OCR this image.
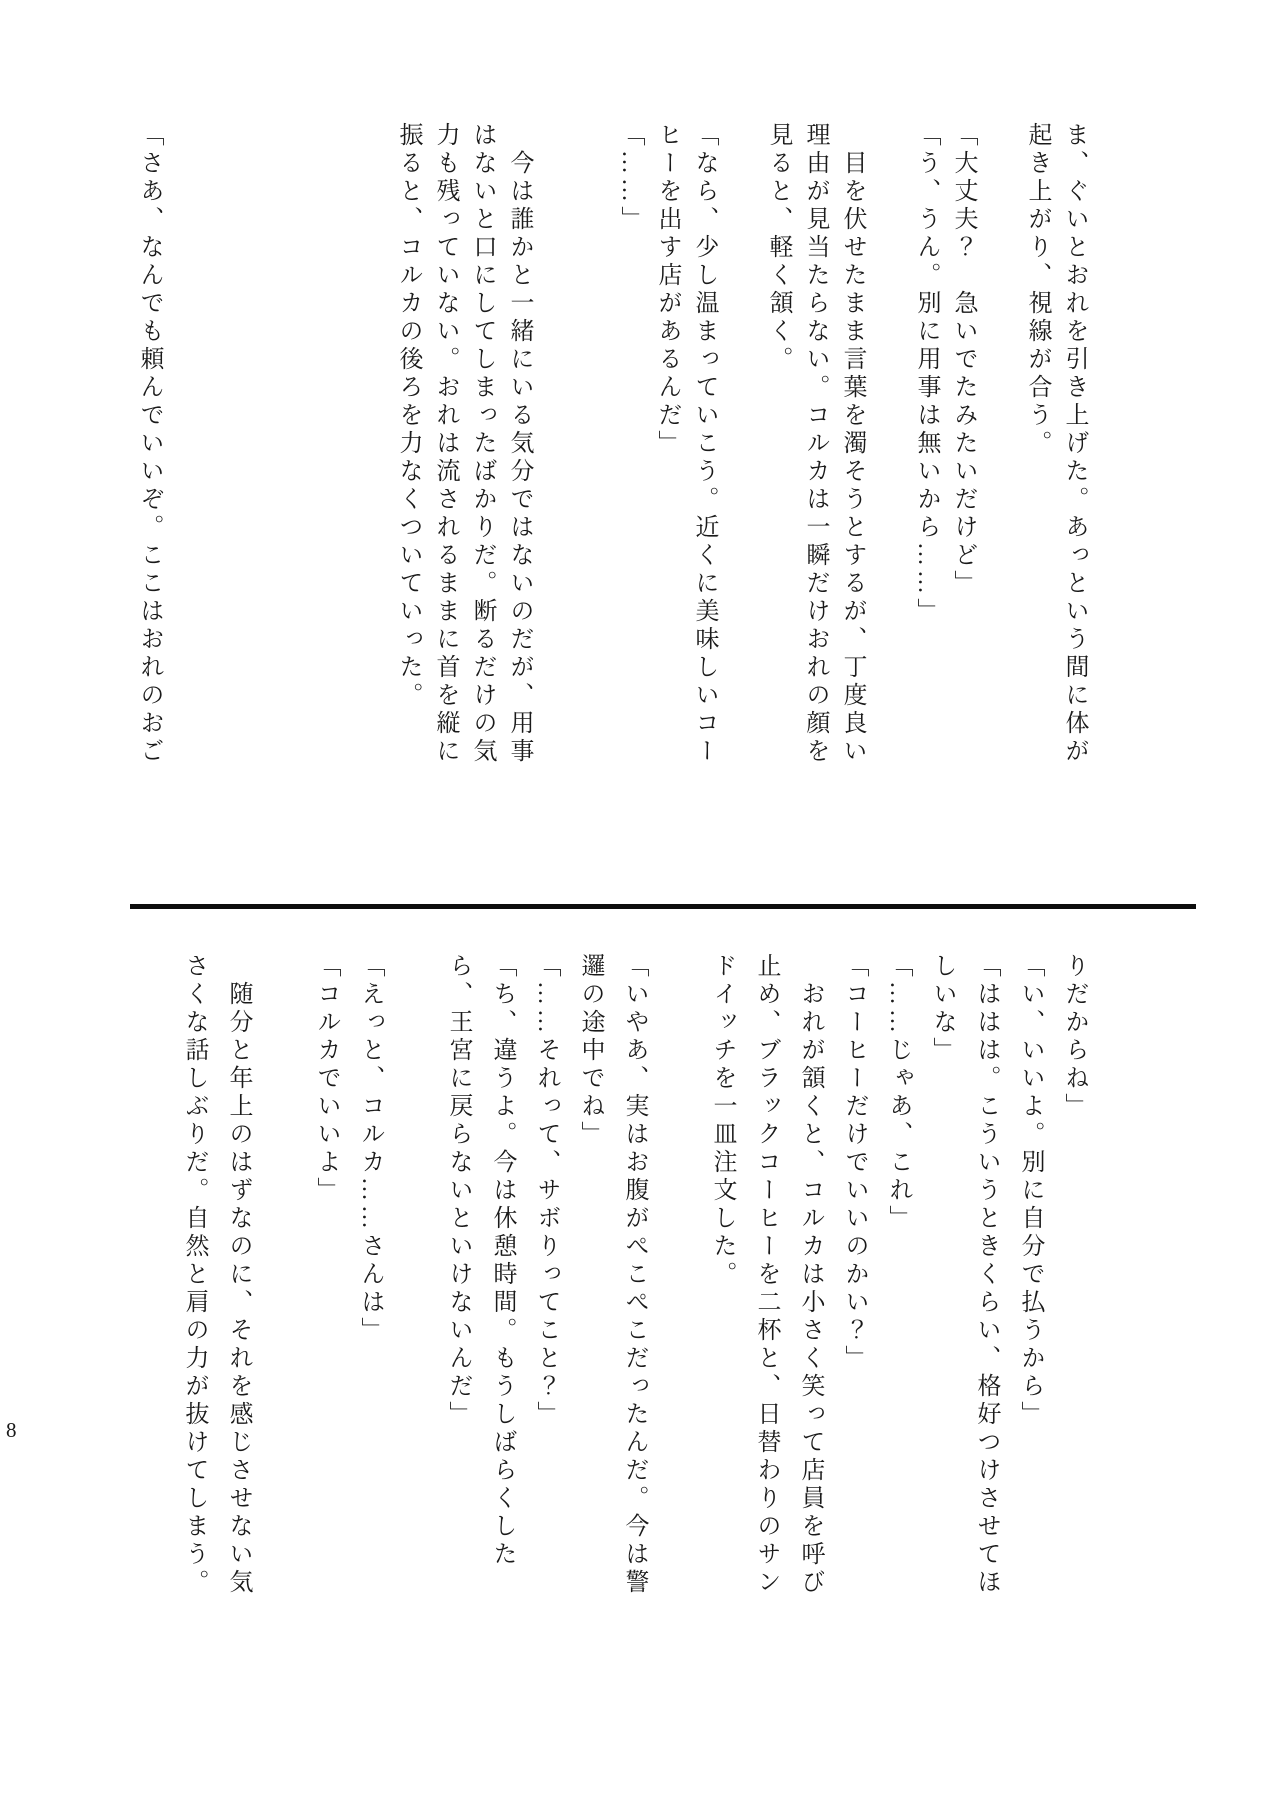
ま、ぐいとおれを引き上げた。あっという間に体が
起き上がり、視線が合う。

「大丈夫？　急いでたみたいだけど」
「う、うん。別に用事は無いから……」

　目を伏せたまま言葉を濁そうとするが、丁度良い
理由が見当たらない。コルカは一瞬だけおれの顔を
見ると、軽く頷く。

「なら、少し温まっていこう。近くに美味しいコー
ヒーを出す店があるんだ」
「……」

　今は誰かと一緒にいる気分ではないのだが、用事
はないと口にしてしまったばかりだ。断るだけの気
力も残っていない。おれは流されるままに首を縦に
振ると、コルカの後ろを力なくついていった。

「さあ、なんでも頼んでいいぞ。ここはおれのおご
りだからね」
「い、いいよ。別に自分で払うから」
「ははは。こういうときくらい、格好つけさせてほ
しいな」
「……じゃあ、これ」
「コーヒーだけでいいのかい？」
　おれが頷くと、コルカは小さく笑って店員を呼び
止め、ブラックコーヒーを二杯と、日替わりのサン
ドイッチを一皿注文した。

「いやあ、実はお腹がぺこぺこだったんだ。今は警
邏の途中でね」
「……それって、サボりってこと？」
「ち、違うよ。今は休憩時間。もうしばらくした
ら、王宮に戻らないといけないんだ」

「えっと、コルカ……さんは」
「コルカでいいよ」

　随分と年上のはずなのに、それを感じさせない気
さくな話しぶりだ。自然と肩の力が抜けてしまう。
8
